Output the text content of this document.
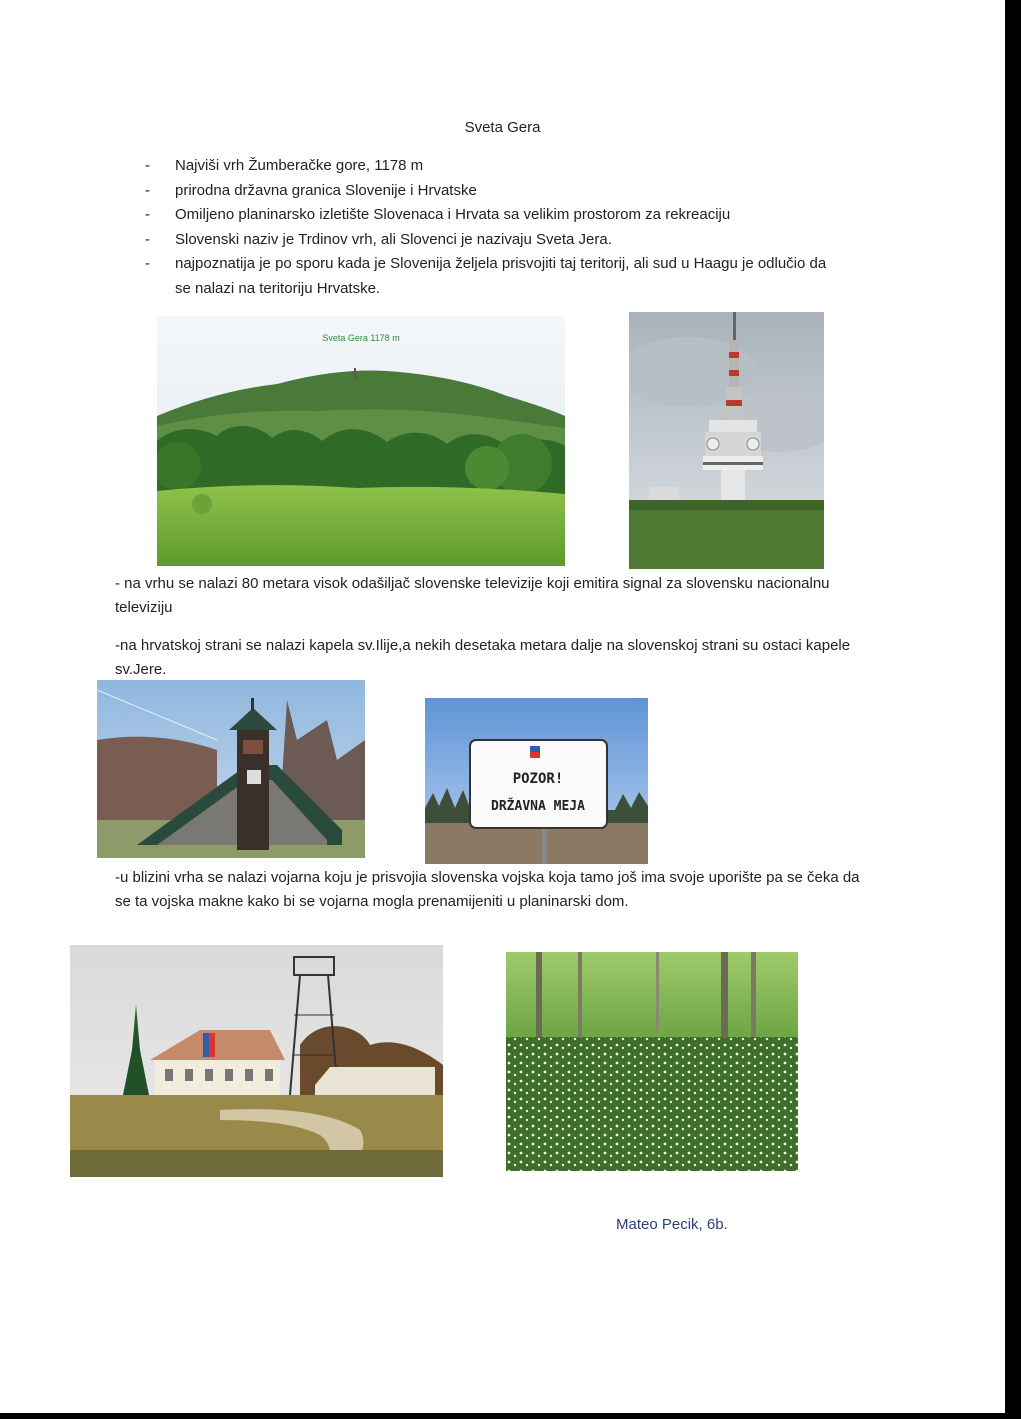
Sveta Gera
- Najviši vrh Žumberačke gore, 1178 m
- prirodna državna granica Slovenije i Hrvatske
- Omiljeno planinarsko izletište Slovenaca i Hrvata sa velikim prostorom za rekreaciju
- Slovenski naziv je Trdinov vrh, ali Slovenci je nazivaju Sveta Jera.
- najpoznatija je po sporu kada je Slovenija željela prisvojiti taj teritorij, ali sud u Haagu je odlučio da se nalazi na teritoriju Hrvatske.
Sveta Gera 1178 m

- na vrhu se nalazi 80 metara visok odašiljač slovenske televizije koji emitira signal za slovensku nacionalnu televiziju

-na hrvatskoj strani se nalazi kapela sv.Ilije,a nekih desetaka metara dalje na slovenskoj strani su ostaci kapele sv.Jere.

POZOR!
DRŽAVNA MEJA

-u blizini vrha se nalazi vojarna koju je prisvojia slovenska vojska koja tamo još ima svoje uporište pa se čeka da se ta vojska makne kako bi se vojarna mogla prenamijeniti u planinarski dom.

Mateo Pecik, 6b.
